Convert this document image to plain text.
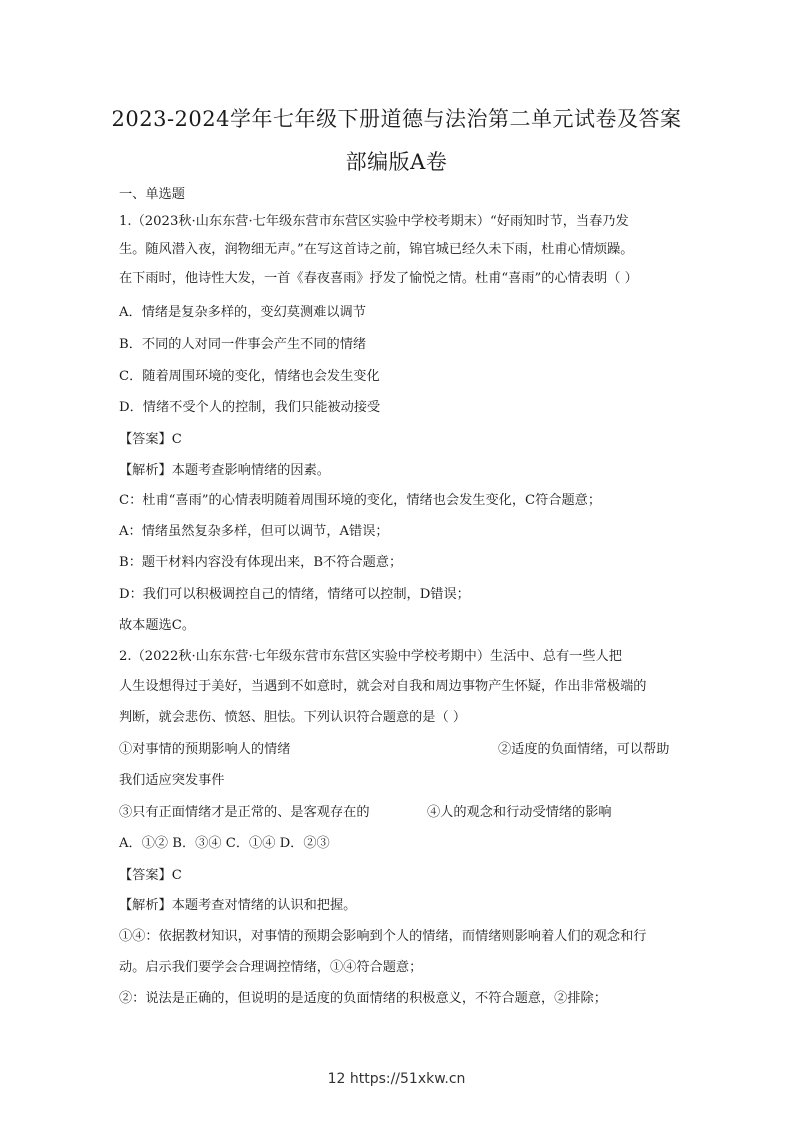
2023-2024学年七年级下册道德与法治第二单元试卷及答案
部编版A卷
一、单选题
1.（2023秋·山东东营·七年级东营市东营区实验中学校考期末）“好雨知时节，当春乃发
生。随风潜入夜，润物细无声。”在写这首诗之前，锦官城已经久未下雨，杜甫心情烦躁。
在下雨时，他诗性大发，一首《春夜喜雨》抒发了愉悦之情。杜甫“喜雨”的心情表明（ ）
A．情绪是复杂多样的，变幻莫测难以调节
B．不同的人对同一件事会产生不同的情绪
C．随着周围环境的变化，情绪也会发生变化
D．情绪不受个人的控制，我们只能被动接受
【答案】C
【解析】本题考查影响情绪的因素。
C：杜甫“喜雨”的心情表明随着周围环境的变化，情绪也会发生变化，C符合题意；
A：情绪虽然复杂多样，但可以调节，A错误；
B：题干材料内容没有体现出来，B不符合题意；
D：我们可以积极调控自己的情绪，情绪可以控制，D错误；
故本题选C。
2.（2022秋·山东东营·七年级东营市东营区实验中学校考期中）生活中、总有一些人把
人生设想得过于美好，当遇到不如意时，就会对自我和周边事物产生怀疑，作出非常极端的
判断，就会悲伤、愤怒、胆怯。下列认识符合题意的是（ ）
①对事情的预期影响人的情绪	②适度的负面情绪，可以帮助
我们适应突发事件
③只有正面情绪才是正常的、是客观存在的	④人的观念和行动受情绪的影响
A．①② B．③④ C．①④ D．②③
【答案】C
【解析】本题考查对情绪的认识和把握。
①④：依据教材知识，对事情的预期会影响到个人的情绪，而情绪则影响着人们的观念和行
动。启示我们要学会合理调控情绪，①④符合题意；
②：说法是正确的，但说明的是适度的负面情绪的积极意义，不符合题意，②排除；
12 https://51xkw.cn
